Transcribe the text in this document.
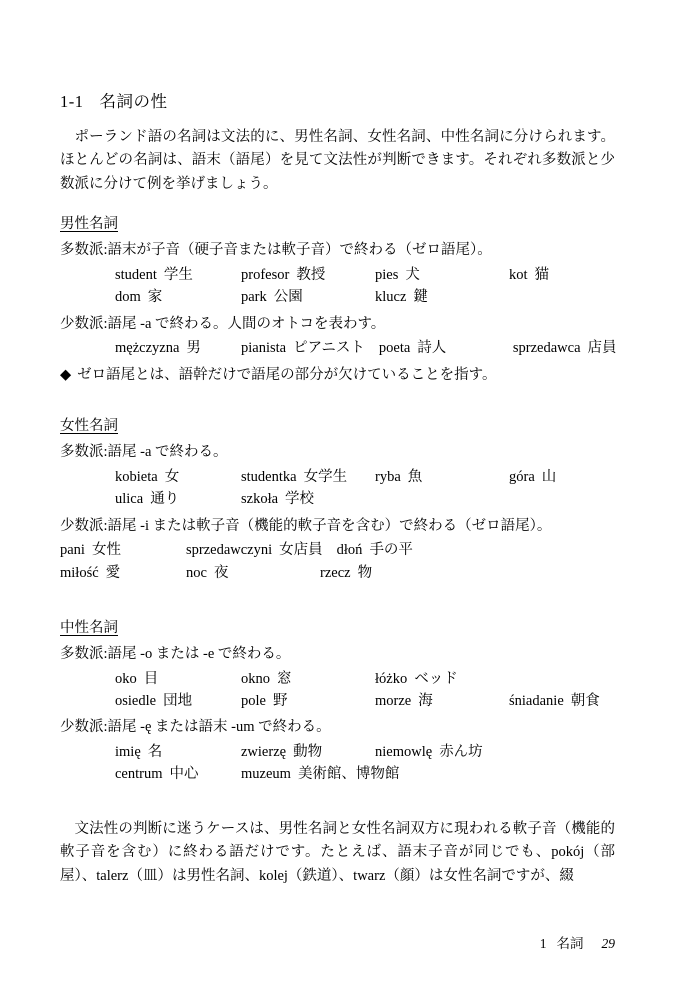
1-1 名詞の性

ポーランド語の名詞は文法的に、男性名詞、女性名詞、中性名詞に分けられます。ほとんどの名詞は、語末（語尾）を見て文法性が判断できます。それぞれ多数派と少数派に分けて例を挙げましょう。

男性名詞
多数派: 語末が子音（硬子音または軟子音）で終わる（ゼロ語尾）。
student 学生	profesor 教授	pies 犬	kot 猫
dom 家	park 公園	klucz 鍵
少数派: 語尾 -a で終わる。人間のオトコを表わす。
mężczyzna 男	pianista ピアニスト poeta 詩人	sprzedawca 店員
◆ ゼロ語尾とは、語幹だけで語尾の部分が欠けていることを指す。
女性名詞
多数派: 語尾 -a で終わる。
kobieta 女	studentka 女学生 ryba 魚	góra 山
ulica 通り	szkoła 学校
少数派: 語尾 -i または軟子音（機能的軟子音を含む）で終わる（ゼロ語尾）。
pani 女性	sprzedawczyni 女店員 dłoń 手の平
miłość 愛	noc 夜	rzecz 物
中性名詞
多数派: 語尾 -o または -e で終わる。
oko 目	okno 窓	łóżko ベッド
osiedle 団地	pole 野	morze 海	śniadanie 朝食
少数派: 語尾 -ę または語末 -um で終わる。
imię 名	zwierzę 動物	niemowlę 赤ん坊
centrum 中心	muzeum 美術館、博物館

文法性の判断に迷うケースは、男性名詞と女性名詞双方に現われる軟子音（機能的軟子音を含む）に終わる語だけです。たとえば、語末子音が同じでも、pokój（部屋）、talerz（皿）は男性名詞、kolej（鉄道）、twarz（顔）は女性名詞ですが、綴

1 名詞 29
